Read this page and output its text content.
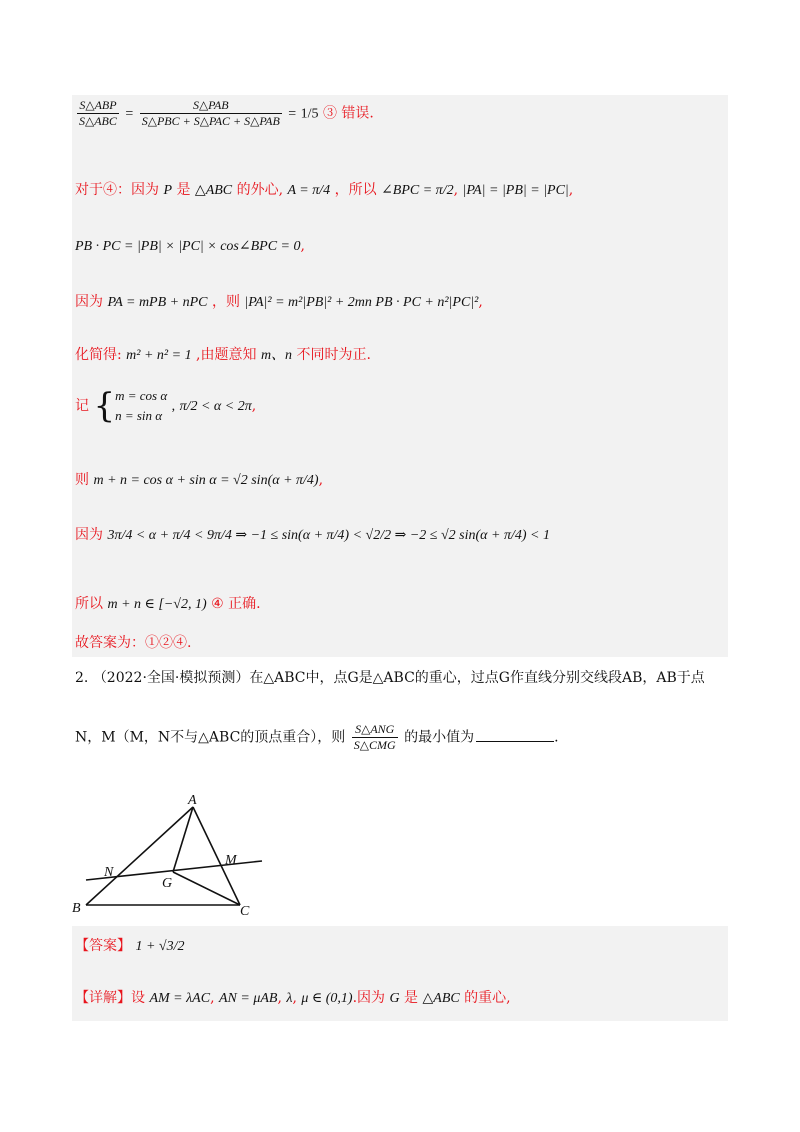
$\frac{\text{S△ABP}}{\text{S△ABC}} = \frac{\text{S△PAB}}{\text{S△PBC + S△PAC + S△PAB}} = 1/5$ ③ 错误.
对于④：因为 P 是 △ABC 的外心, A = π/4 ，所以 ∠BPC = π/2, |PA| = |PB| = |PC|,
PB · PC = |PB| × |PC| × cos∠BPC = 0,
因为 PA = mPB + nPC ，则 |PA|² = m²|PB|² + 2mn PB · PC + n²|PC|²,
化简得: m² + n² = 1 ,由题意知 m、n 不同时为正.
记 {m = cos α
n = sin α , π/2 < α < 2π,
则 m + n = cos α + sin α = √2 sin(α + π/4),
因为 3π/4 < α + π/4 < 9π/4 ⇒ −1 ≤ sin(α + π/4) < √2/2 ⇒ −2 ≤ √2 sin(α + π/4) < 1
所以 m + n ∈ [−√2, 1) ④ 正确.
故答案为：①②④.
2. （2022·全国·模拟预测）在△ABC中，点G是△ABC的重心，过点G作直线分别交线段AB，AB于点
N，M（M，N不与△ABC的顶点重合），则 $\frac{\text{S△ANG}}{\text{S△CMG}}$ 的最小值为	.
A
B	C
G
M
N
【答案】 1 + √3/2
【详解】设 AM = λAC, AN = μAB, λ, μ ∈ (0,1).因为 G 是 △ABC 的重心,
